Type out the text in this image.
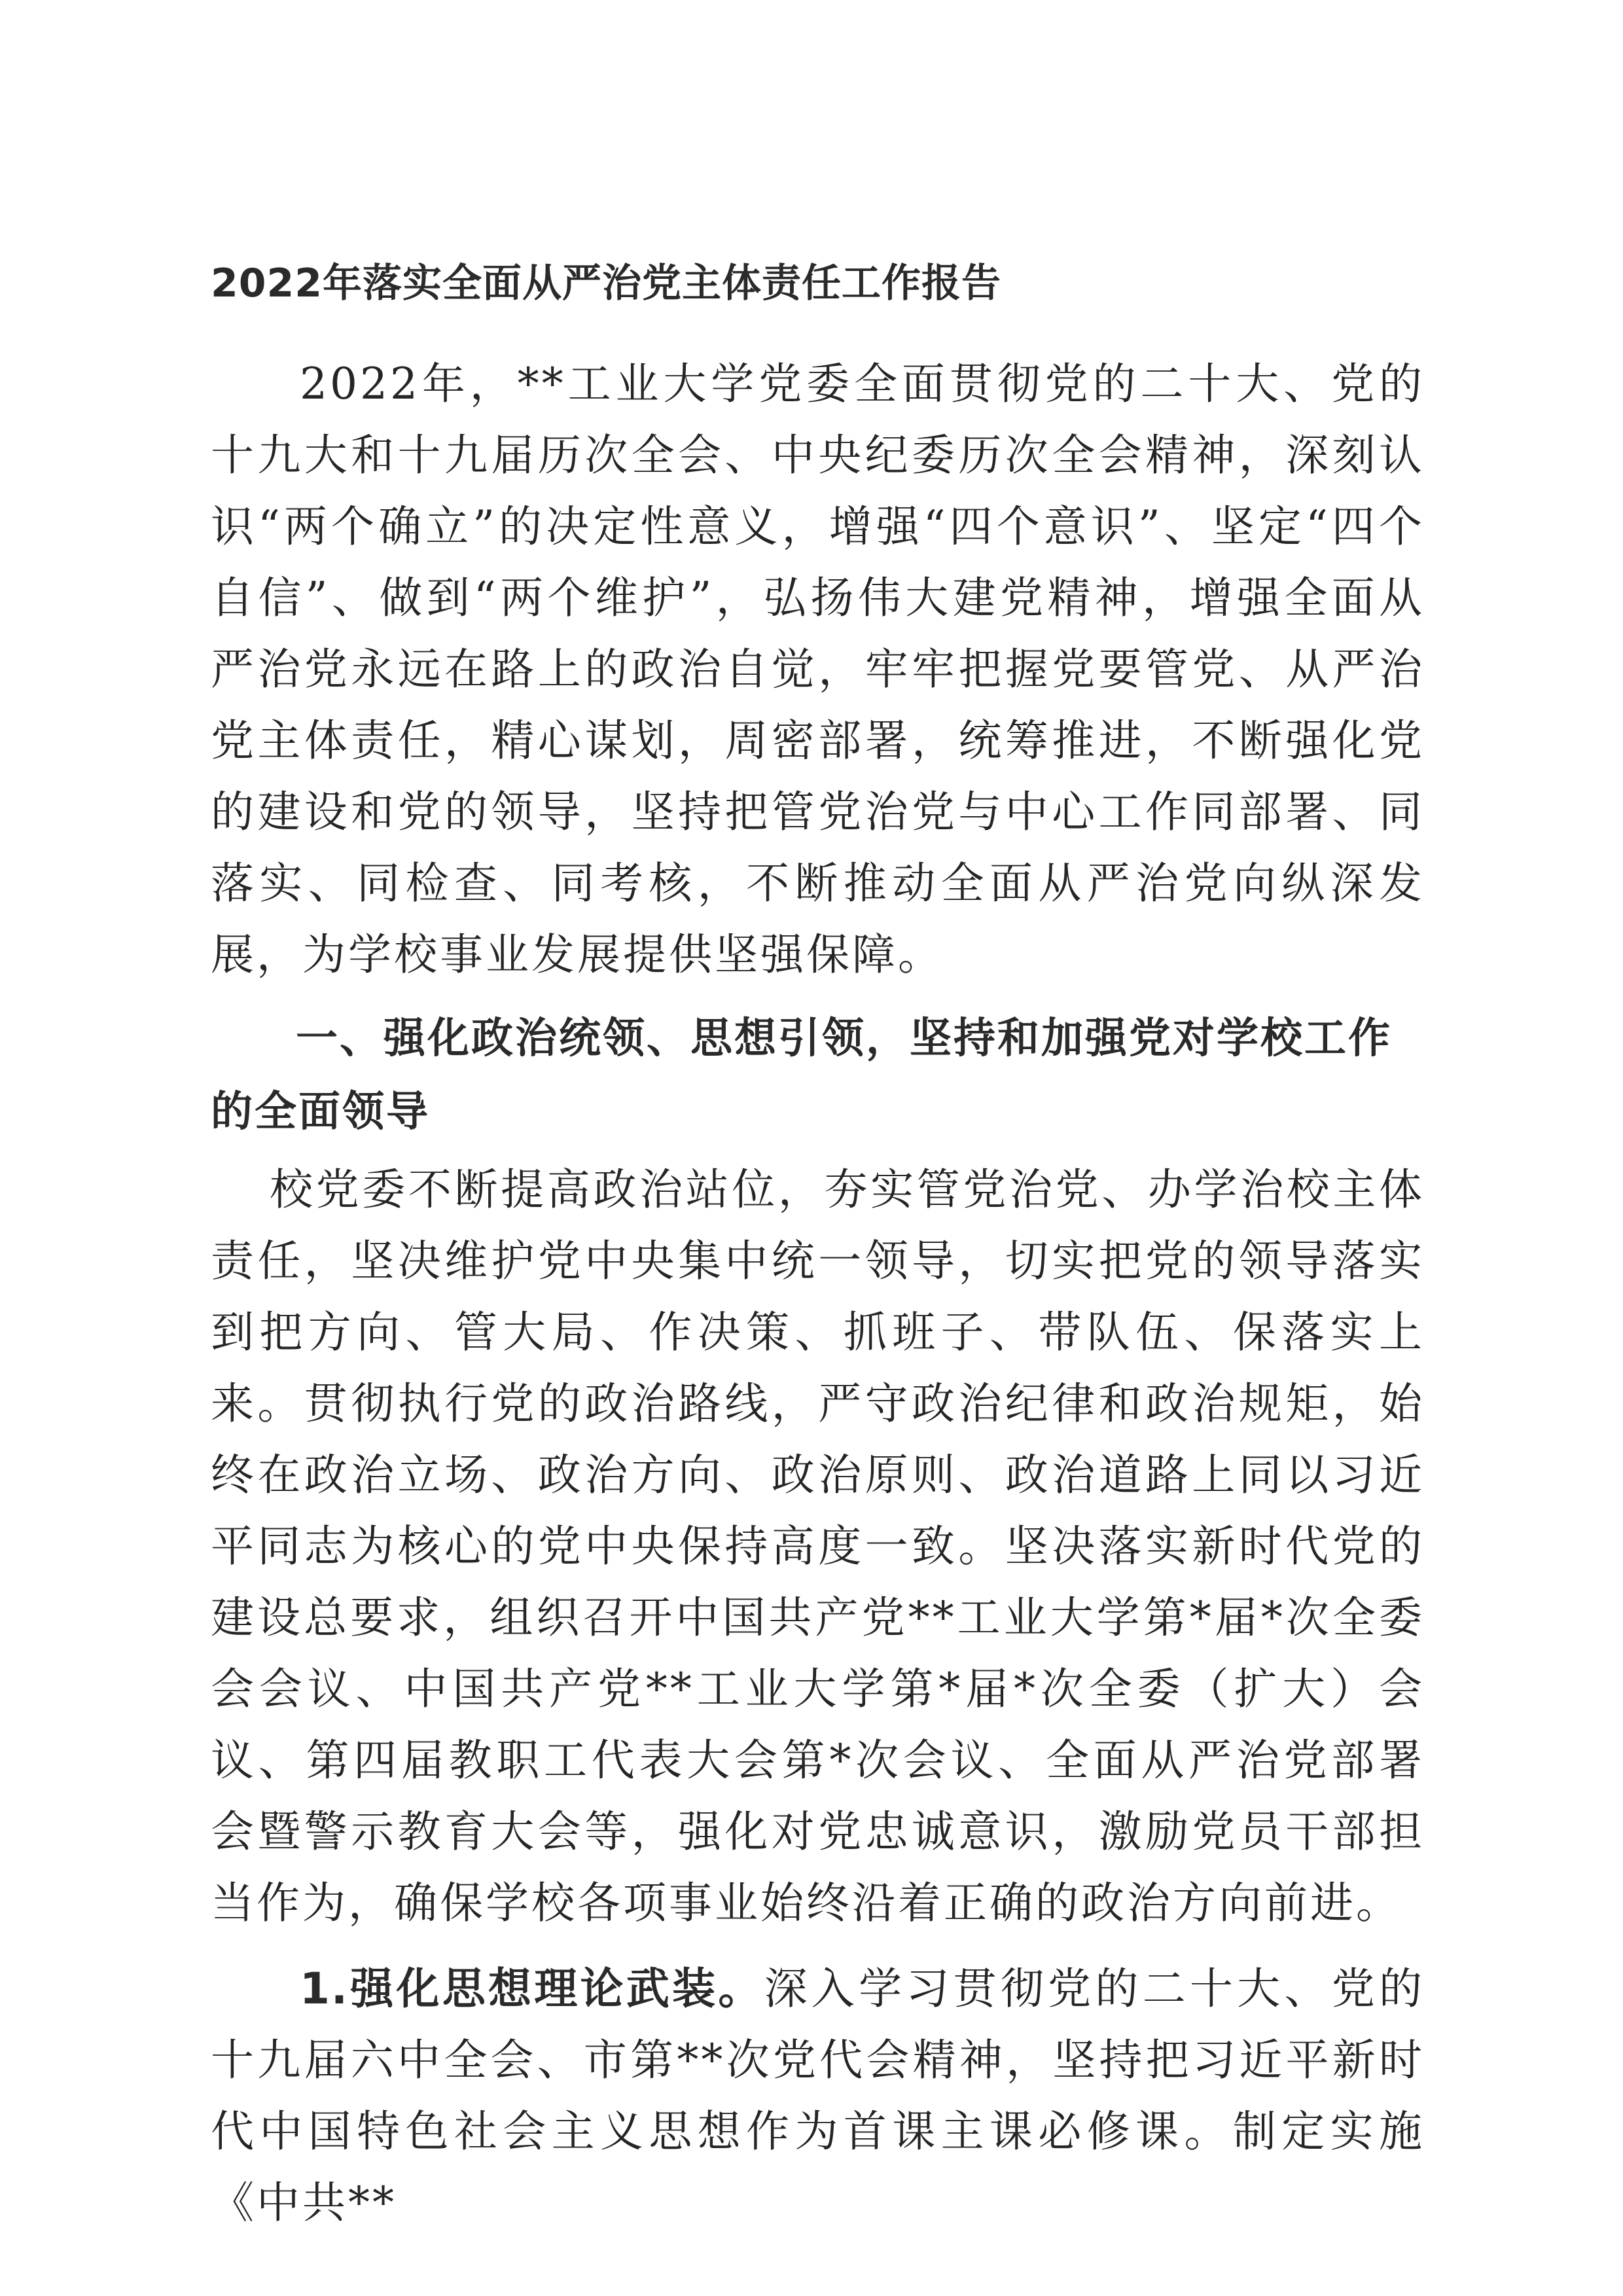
2022年落实全面从严治党主体责任工作报告

2022年，**工业大学党委全面贯彻党的二十大、党的十九大和十九届历次全会、中央纪委历次全会精神，深刻认识“两个确立”的决定性意义，增强“四个意识”、坚定“四个自信”、做到“两个维护”，弘扬伟大建党精神，增强全面从严治党永远在路上的政治自觉，牢牢把握党要管党、从严治党主体责任，精心谋划，周密部署，统筹推进，不断强化党的建设和党的领导，坚持把管党治党与中心工作同部署、同落实、同检查、同考核，不断推动全面从严治党向纵深发展，为学校事业发展提供坚强保障。

一、强化政治统领、思想引领，坚持和加强党对学校工作的全面领导

校党委不断提高政治站位，夯实管党治党、办学治校主体责任，坚决维护党中央集中统一领导，切实把党的领导落实到把方向、管大局、作决策、抓班子、带队伍、保落实上来。贯彻执行党的政治路线，严守政治纪律和政治规矩，始终在政治立场、政治方向、政治原则、政治道路上同以习近平同志为核心的党中央保持高度一致。坚决落实新时代党的建设总要求，组织召开中国共产党**工业大学第*届*次全委会会议、中国共产党**工业大学第*届*次全委（扩大）会议、第四届教职工代表大会第*次会议、全面从严治党部署会暨警示教育大会等，强化对党忠诚意识，激励党员干部担当作为，确保学校各项事业始终沿着正确的政治方向前进。

1.强化思想理论武装。深入学习贯彻党的二十大、党的十九届六中全会、市第**次党代会精神，坚持把习近平新时代中国特色社会主义思想作为首课主课必修课。制定实施《中共**
